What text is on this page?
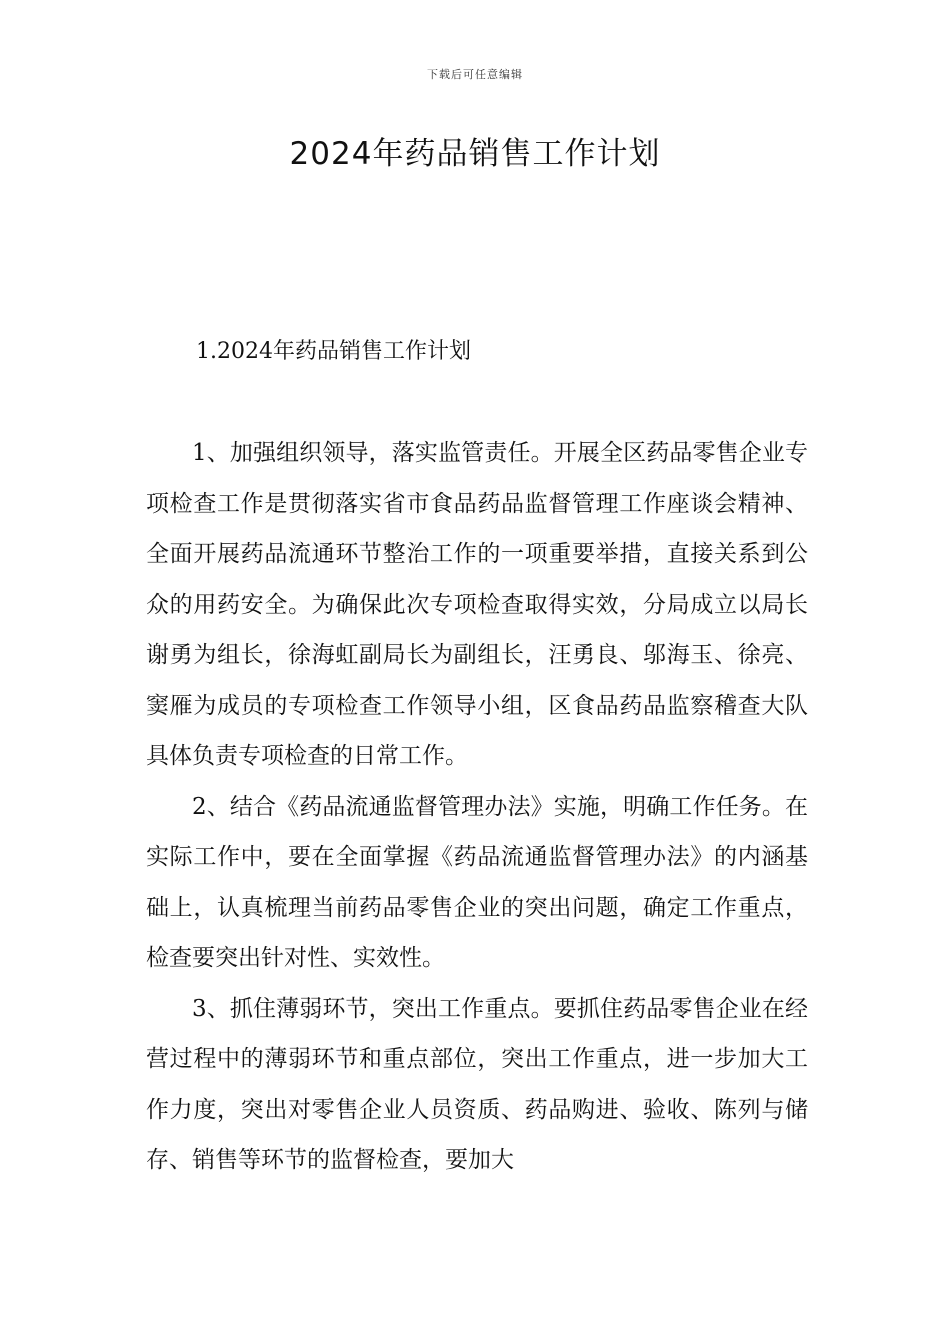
下载后可任意编辑
2024年药品销售工作计划
1.2024年药品销售工作计划

1、加强组织领导，落实监管责任。开展全区药品零售企业专项检查工作是贯彻落实省市食品药品监督管理工作座谈会精神、全面开展药品流通环节整治工作的一项重要举措，直接关系到公众的用药安全。为确保此次专项检查取得实效，分局成立以局长谢勇为组长，徐海虹副局长为副组长，汪勇良、邬海玉、徐亮、窦雁为成员的专项检查工作领导小组，区食品药品监察稽查大队具体负责专项检查的日常工作。

2、结合《药品流通监督管理办法》实施，明确工作任务。在实际工作中，要在全面掌握《药品流通监督管理办法》的内涵基础上，认真梳理当前药品零售企业的突出问题，确定工作重点，检查要突出针对性、实效性。

3、抓住薄弱环节，突出工作重点。要抓住药品零售企业在经营过程中的薄弱环节和重点部位，突出工作重点，进一步加大工作力度，突出对零售企业人员资质、药品购进、验收、陈列与储存、销售等环节的监督检查，要加大
